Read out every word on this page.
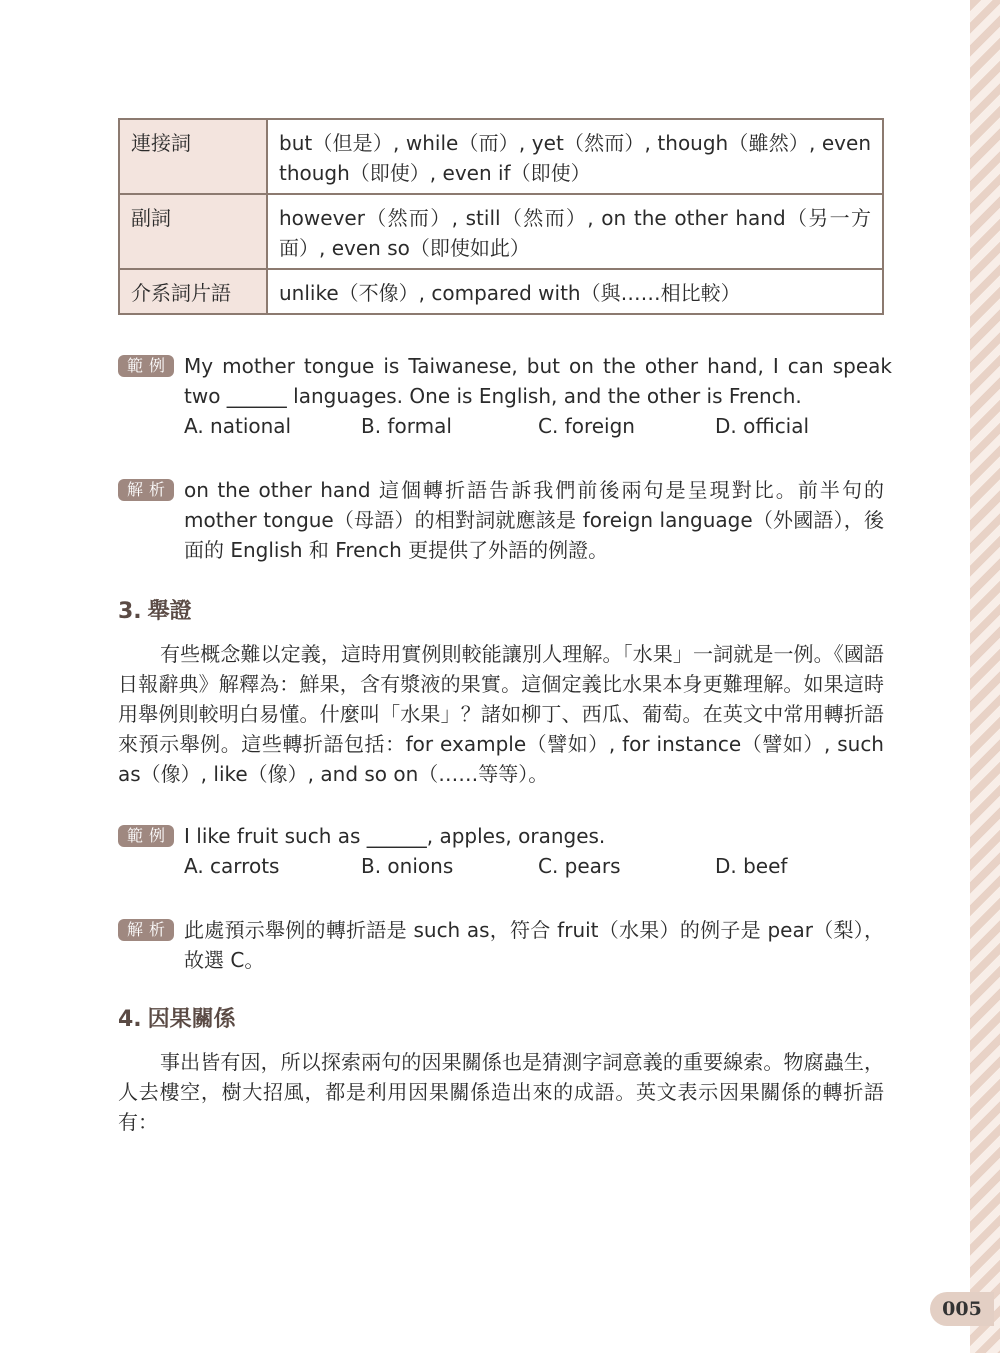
005
連接詞	but（但是）, while（而）, yet（然而）, though（雖然）, even though（即使）, even if（即使）
副詞	however（然而）, still（然而）, on the other hand（另一方面）, even so（即使如此）
介系詞片語	unlike（不像）, compared with（與……相比較）
範例 My mother tongue is Taiwanese, but on the other hand, I can speak two ______ languages. One is English, and the other is French.
A. national	B. formal	C. foreign	D. official
解析 on the other hand 這個轉折語告訴我們前後兩句是呈現對比。前半句的 mother tongue（母語）的相對詞就應該是 foreign language（外國語），後面的 English 和 French 更提供了外語的例證。
3. 舉證
有些概念難以定義，這時用實例則較能讓別人理解。「水果」一詞就是一例。《國語日報辭典》解釋為：鮮果，含有漿液的果實。這個定義比水果本身更難理解。如果這時用舉例則較明白易懂。什麼叫「水果」？諸如柳丁、西瓜、葡萄。在英文中常用轉折語來預示舉例。這些轉折語包括：for example（譬如）, for instance（譬如）, such as（像）, like（像）, and so on（……等等）。
範例 I like fruit such as ______, apples, oranges.
A. carrots	B. onions	C. pears	D. beef
解析 此處預示舉例的轉折語是 such as，符合 fruit（水果）的例子是 pear（梨）， 故選 C。
4. 因果關係
事出皆有因，所以探索兩句的因果關係也是猜測字詞意義的重要線索。物腐蟲生，人去樓空，樹大招風，都是利用因果關係造出來的成語。英文表示因果關係的轉折語有：
